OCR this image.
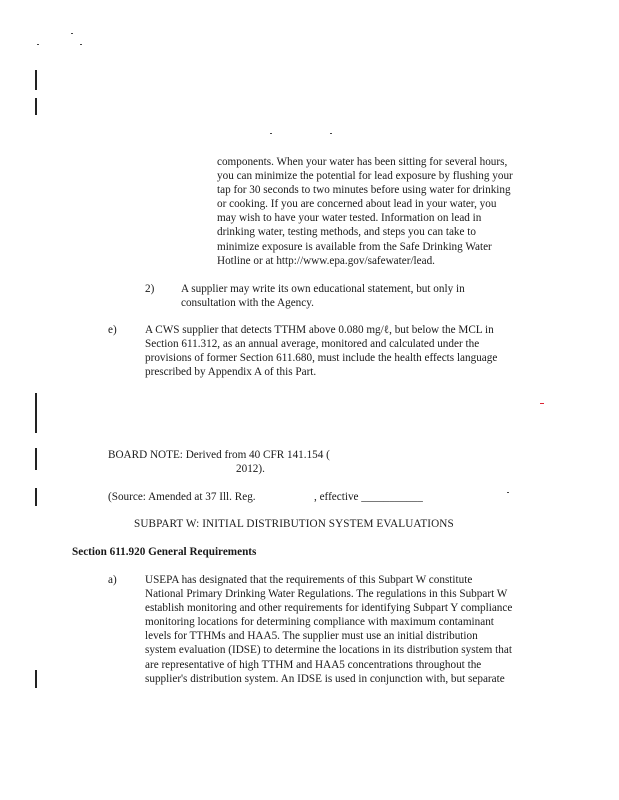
components. When your water has been sitting for several hours,

you can minimize the potential for lead exposure by flushing your

tap for 30 seconds to two minutes before using water for drinking

or cooking. If you are concerned about lead in your water, you

may wish to have your water tested. Information on lead in

drinking water, testing methods, and steps you can take to

minimize exposure is available from the Safe Drinking Water

Hotline or at http://www.epa.gov/safewater/lead.

2) A supplier may write its own educational statement, but only in

consultation with the Agency.

e)	A CWS supplier that detects TTHM above 0.080 mg/ℓ, but below the MCL in

Section 611.312, as an annual average, monitored and calculated under the

provisions of former Section 611.680, must include the health effects language

prescribed by Appendix A of this Part.

BOARD NOTE: Derived from 40 CFR 141.154 (

2012).

(Source: Amended at 37 Ill. Reg.	, effective ___________

SUBPART W: INITIAL DISTRIBUTION SYSTEM EVALUATIONS
Section 611.920 General Requirements
a)	USEPA has designated that the requirements of this Subpart W constitute

National Primary Drinking Water Regulations. The regulations in this Subpart W

establish monitoring and other requirements for identifying Subpart Y compliance

monitoring locations for determining compliance with maximum contaminant

levels for TTHMs and HAA5. The supplier must use an initial distribution

system evaluation (IDSE) to determine the locations in its distribution system that

are representative of high TTHM and HAA5 concentrations throughout the

supplier's distribution system. An IDSE is used in conjunction with, but separate
